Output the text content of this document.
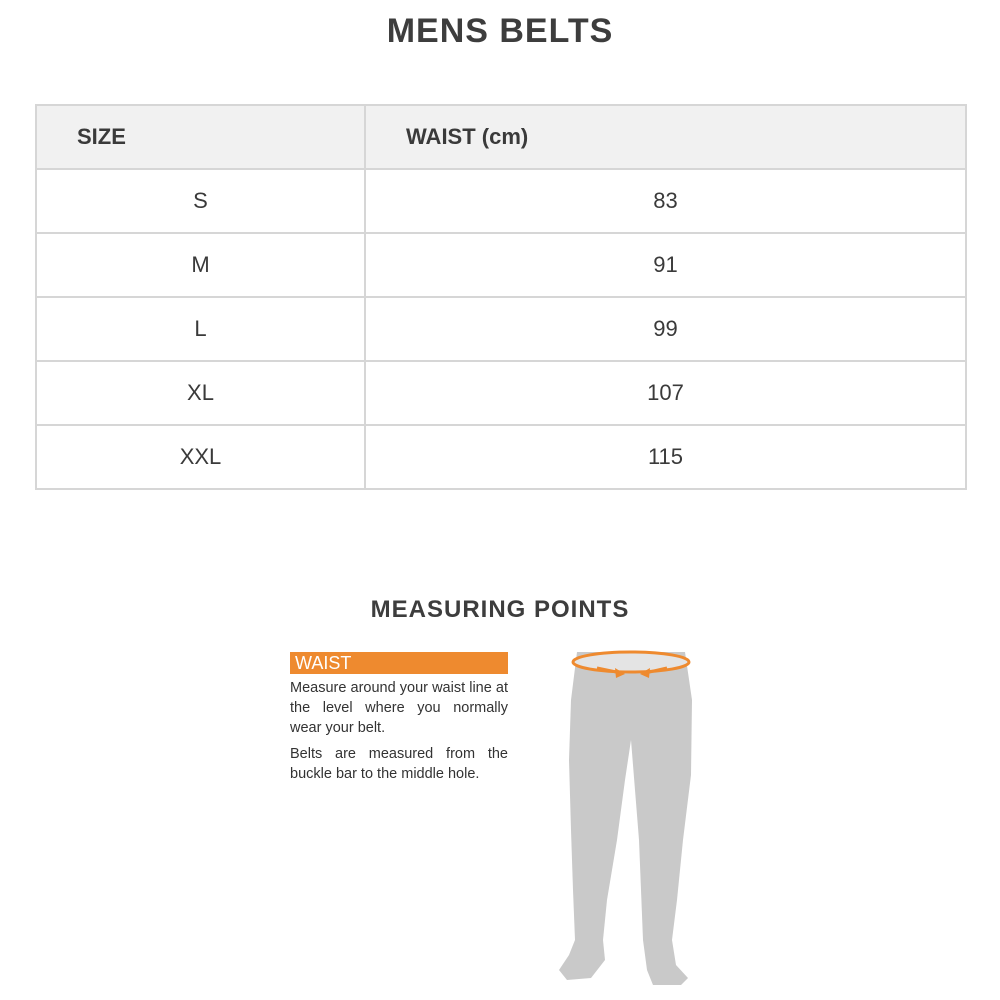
MENS BELTS
SIZE	WAIST (cm)
S	83
M	91
L	99
XL	107
XXL	115
MEASURING POINTS
WAIST

Measure around your waist line at the level where you normally wear your belt.

Belts are measured from the buckle bar to the middle hole.
